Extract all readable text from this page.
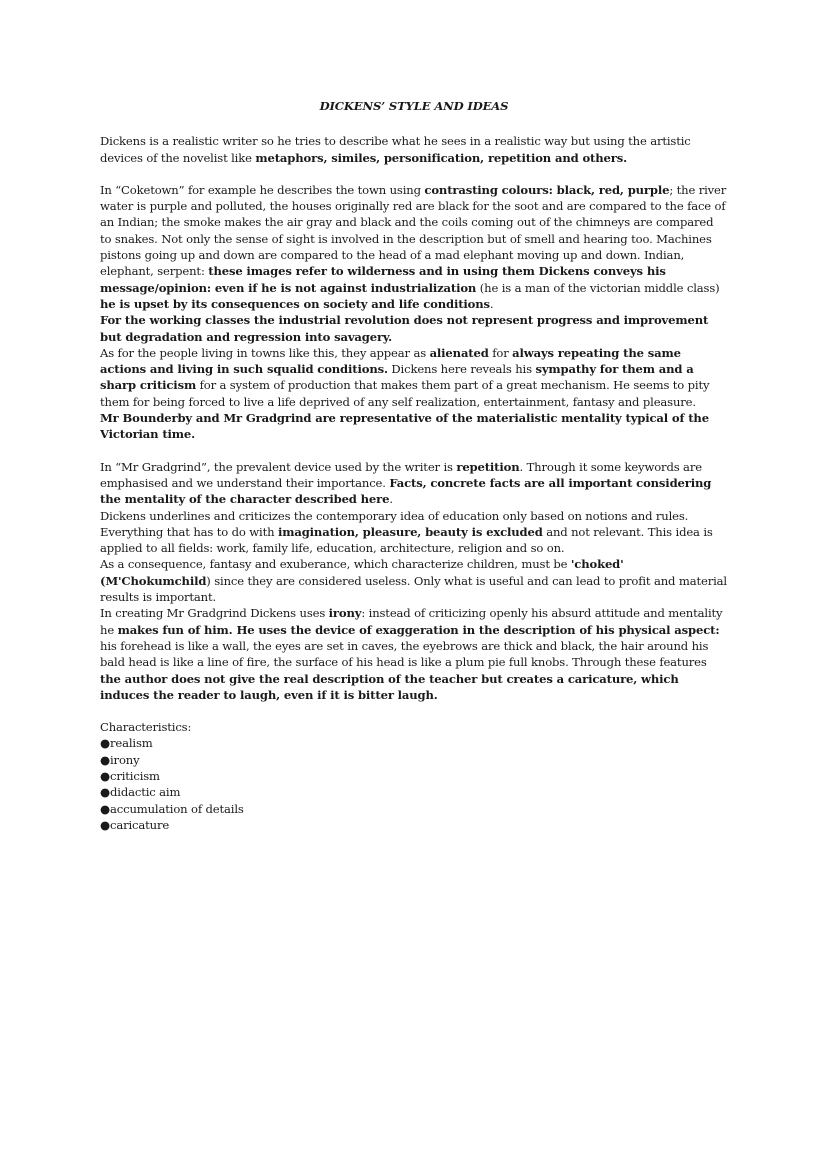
DICKENS’ STYLE AND IDEAS

Dickens is a realistic writer so he tries to describe what he sees in a realistic way but using the artistic devices of the novelist like metaphors, similes, personification, repetition and others.

In “Coketown” for example he describes the town using contrasting colours: black, red, purple; the river water is purple and polluted, the houses originally red are black for the soot and are compared to the face of an Indian; the smoke makes the air gray and black and the coils coming out of the chimneys are compared to snakes. Not only the sense of sight is involved in the description but of smell and hearing too. Machines pistons going up and down are compared to the head of a mad elephant moving up and down. Indian, elephant, serpent: these images refer to wilderness and in using them Dickens conveys his message/opinion: even if he is not against industrialization (he is a man of the victorian middle class) he is upset by its consequences on society and life conditions.

For the working classes the industrial revolution does not represent progress and improvement but degradation and regression into savagery.

As for the people living in towns like this, they appear as alienated for always repeating the same actions and living in such squalid conditions. Dickens here reveals his sympathy for them and a sharp criticism for a system of production that makes them part of a great mechanism. He seems to pity them for being forced to live a life deprived of any self realization, entertainment, fantasy and pleasure.

Mr Bounderby and Mr Gradgrind are representative of the materialistic mentality typical of the Victorian time.

In “Mr Gradgrind”, the prevalent device used by the writer is repetition. Through it some keywords are emphasised and we understand their importance. Facts, concrete facts are all important considering the mentality of the character described here.

Dickens underlines and criticizes the contemporary idea of education only based on notions and rules. Everything that has to do with imagination, pleasure, beauty is excluded and not relevant. This idea is applied to all fields: work, family life, education, architecture, religion and so on.

As a consequence, fantasy and exuberance, which characterize children, must be 'choked' (M'Chokumchild) since they are considered useless. Only what is useful and can lead to profit and material results is important.

In creating Mr Gradgrind Dickens uses irony: instead of criticizing openly his absurd attitude and mentality he makes fun of him. He uses the device of exaggeration in the description of his physical aspect: his forehead is like a wall, the eyes are set in caves, the eyebrows are thick and black, the hair around his bald head is like a line of fire, the surface of his head is like a plum pie full knobs. Through these features the author does not give the real description of the teacher but creates a caricature, which induces the reader to laugh, even if it is bitter laugh.

Characteristics:

●realism
●irony
●criticism
●didactic aim
●accumulation of details
●caricature
